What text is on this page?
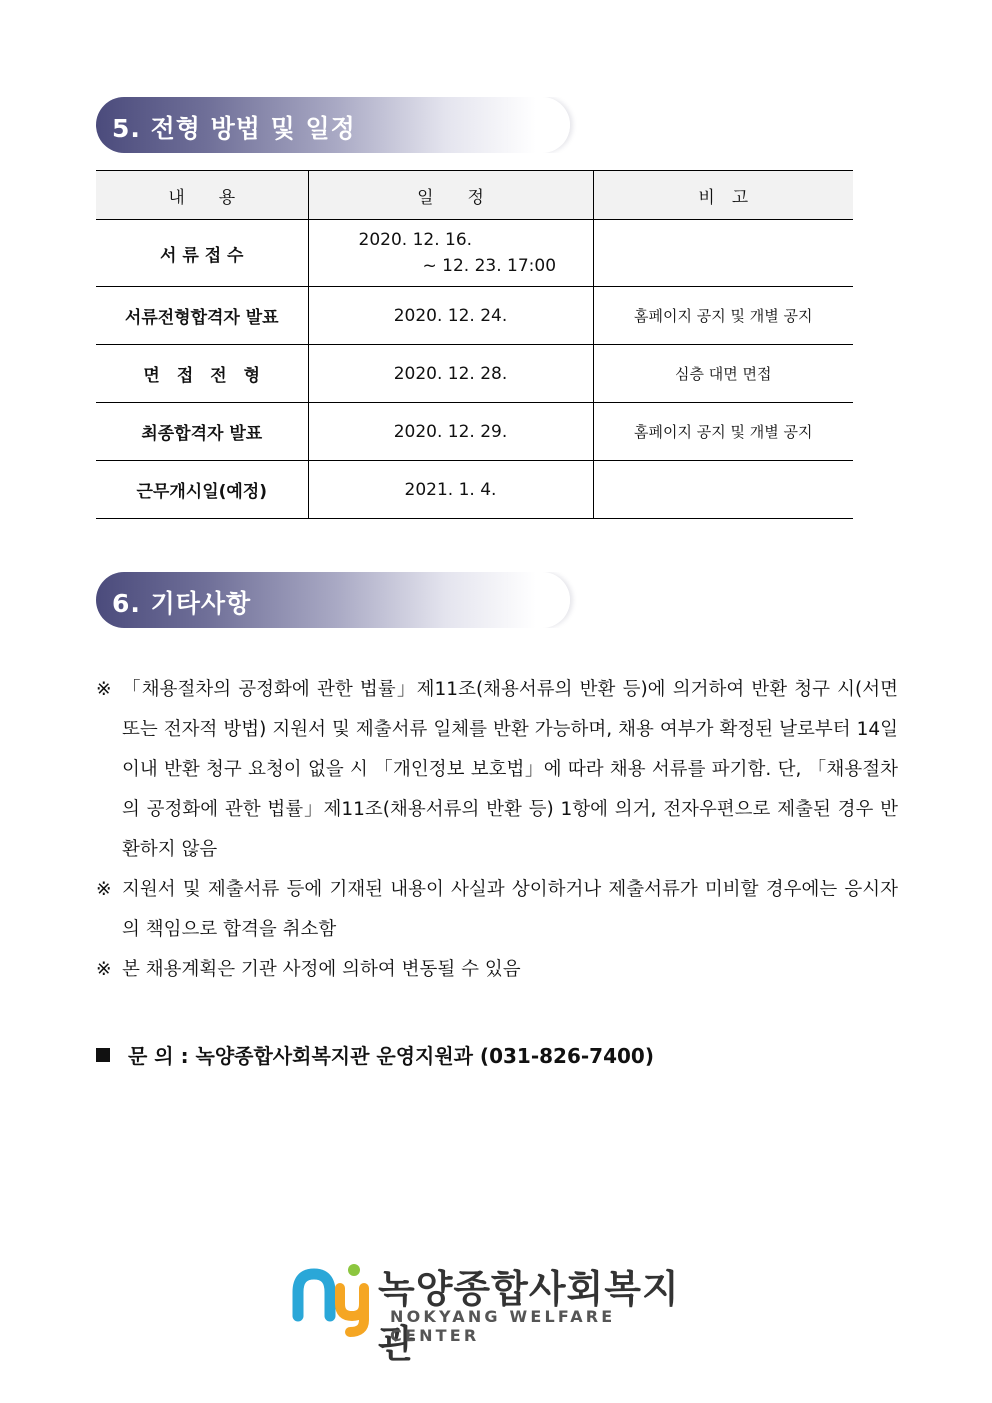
5. 전형 방법 및 일정
내　　용	일　　정	비　고
서 류 접 수	2020. 12. 16.
~ 12. 23. 17:00	

서류전형합격자 발표	2020. 12. 24.	홈페이지 공지 및 개별 공지
면　접　전　형	2020. 12. 28.	심층 대면 면접
최종합격자 발표	2020. 12. 29.	홈페이지 공지 및 개별 공지
근무개시일(예정)	2021. 1. 4.	
6. 기타사항
※ 「채용절차의 공정화에 관한 법률」제11조(채용서류의 반환 등)에 의거하여 반환 청구 시(서면 또는 전자적 방법) 지원서 및 제출서류 일체를 반환 가능하며, 채용 여부가 확정된 날로부터 14일 이내 반환 청구 요청이 없을 시 「개인정보 보호법」에 따라 채용 서류를 파기함. 단, 「채용절차의 공정화에 관한 법률」제11조(채용서류의 반환 등) 1항에 의거, 전자우편으로 제출된 경우 반환하지 않음
※ 지원서 및 제출서류 등에 기재된 내용이 사실과 상이하거나 제출서류가 미비할 경우에는 응시자의 책임으로 합격을 취소함
※ 본 채용계획은 기관 사정에 의하여 변동될 수 있음
문 의 : 녹양종합사회복지관 운영지원과 (031-826-7400)
녹양종합사회복지관
NOKYANG WELFARE CENTER
